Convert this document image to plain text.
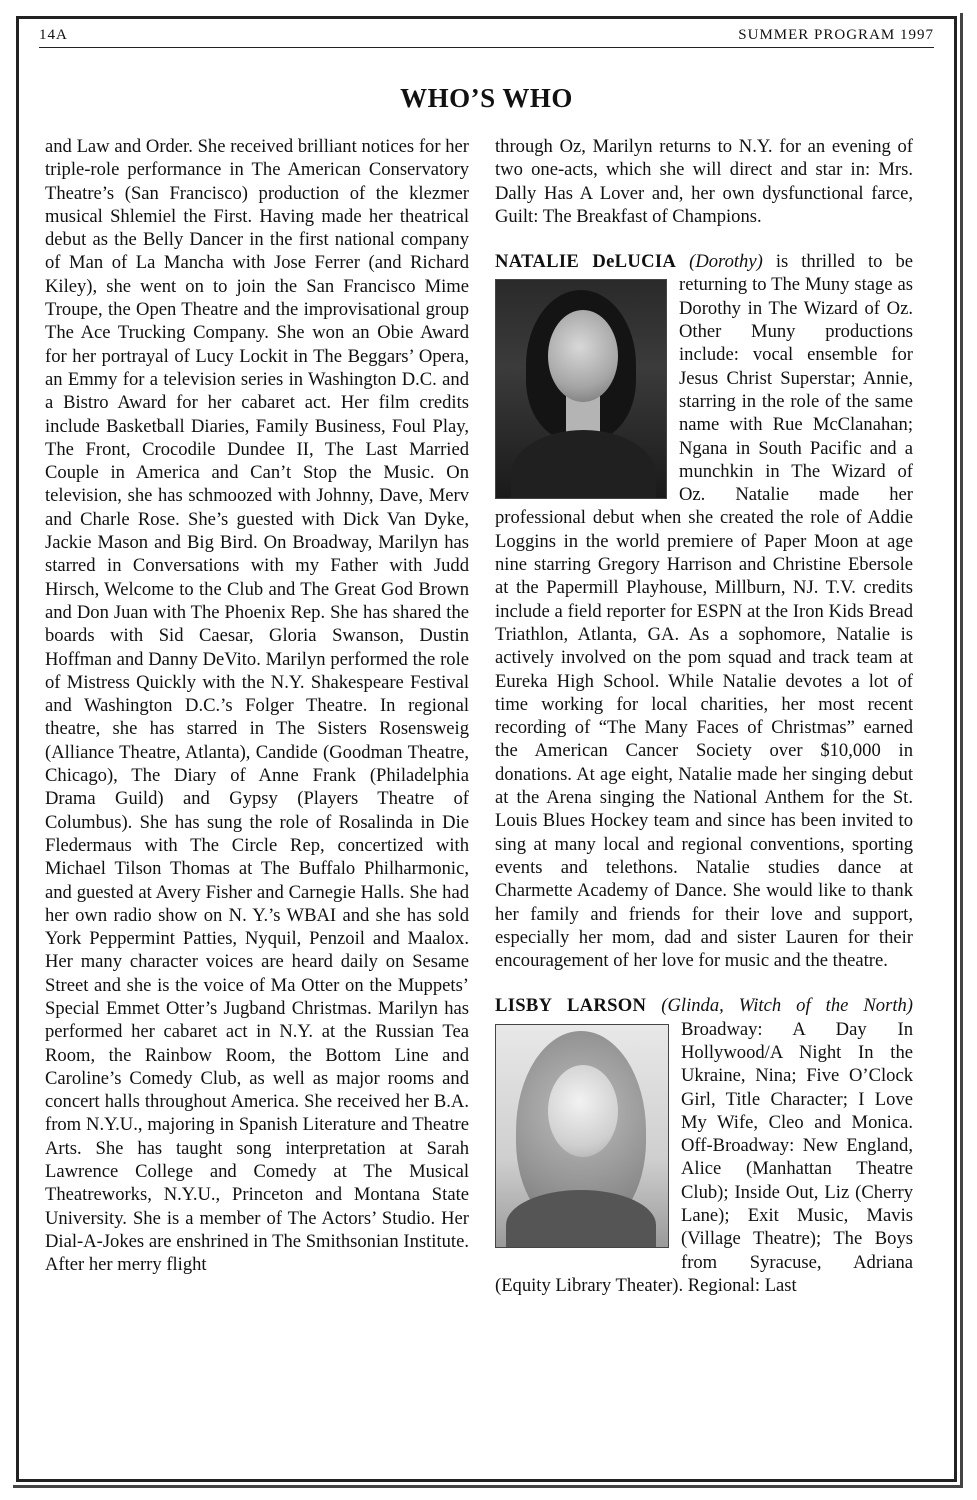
14A	SUMMER PROGRAM 1997
WHO’S WHO

and Law and Order. She received brilliant notices for her triple-role performance in The American Conservatory Theatre’s (San Francisco) production of the klezmer musical Shlemiel the First. Having made her theatrical debut as the Belly Dancer in the first national company of Man of La Mancha with Jose Ferrer (and Richard Kiley), she went on to join the San Francisco Mime Troupe, the Open Theatre and the improvisational group The Ace Trucking Company. She won an Obie Award for her portrayal of Lucy Lockit in The Beggars’ Opera, an Emmy for a television series in Washington D.C. and a Bistro Award for her cabaret act. Her film credits include Basketball Diaries, Family Business, Foul Play, The Front, Crocodile Dundee II, The Last Married Couple in America and Can’t Stop the Music. On television, she has schmoozed with Johnny, Dave, Merv and Charle Rose. She’s guested with Dick Van Dyke, Jackie Mason and Big Bird. On Broadway, Marilyn has starred in Conversations with my Father with Judd Hirsch, Welcome to the Club and The Great God Brown and Don Juan with The Phoenix Rep. She has shared the boards with Sid Caesar, Gloria Swanson, Dustin Hoffman and Danny DeVito. Marilyn performed the role of Mistress Quickly with the N.Y. Shakespeare Festival and Washington D.C.’s Folger Theatre. In regional theatre, she has starred in The Sisters Rosensweig (Alliance Theatre, Atlanta), Candide (Goodman Theatre, Chicago), The Diary of Anne Frank (Philadelphia Drama Guild) and Gypsy (Players Theatre of Columbus). She has sung the role of Rosalinda in Die Fledermaus with The Circle Rep, concertized with Michael Tilson Thomas at The Buffalo Philharmonic, and guested at Avery Fisher and Carnegie Halls. She had her own radio show on N. Y.’s WBAI and she has sold York Peppermint Patties, Nyquil, Penzoil and Maalox. Her many character voices are heard daily on Sesame Street and she is the voice of Ma Otter on the Muppets’ Special Emmet Otter’s Jugband Christmas. Marilyn has performed her cabaret act in N.Y. at the Russian Tea Room, the Rainbow Room, the Bottom Line and Caroline’s Comedy Club, as well as major rooms and concert halls throughout America. She received her B.A. from N.Y.U., majoring in Spanish Literature and Theatre Arts. She has taught song interpretation at Sarah Lawrence College and Comedy at The Musical Theatreworks, N.Y.U., Princeton and Montana State University. She is a member of The Actors’ Studio. Her Dial-A-Jokes are enshrined in The Smithsonian Institute. After her merry flight

through Oz, Marilyn returns to N.Y. for an evening of two one-acts, which she will direct and star in: Mrs. Dally Has A Lover and, her own dysfunctional farce, Guilt: The Breakfast of Champions.

NATALIE DeLUCIA (Dorothy) is thrilled to be returning to The Muny stage as Dorothy in The Wizard of Oz. Other Muny productions include: vocal ensemble for Jesus Christ Superstar; Annie, starring in the role of the same name with Rue McClanahan; Ngana in South Pacific and a munchkin in The Wizard of Oz. Natalie made her professional debut when she created the role of Addie Loggins in the world premiere of Paper Moon at age nine starring Gregory Harrison and Christine Ebersole at the Papermill Playhouse, Millburn, NJ. T.V. credits include a field reporter for ESPN at the Iron Kids Bread Triathlon, Atlanta, GA. As a sophomore, Natalie is actively involved on the pom squad and track team at Eureka High School. While Natalie devotes a lot of time working for local charities, her most recent recording of “The Many Faces of Christmas” earned the American Cancer Society over $10,000 in donations. At age eight, Natalie made her singing debut at the Arena singing the National Anthem for the St. Louis Blues Hockey team and since has been invited to sing at many local and regional conventions, sporting events and telethons. Natalie studies dance at Charmette Academy of Dance. She would like to thank her family and friends for their love and support, especially her mom, dad and sister Lauren for their encouragement of her love for music and the theatre.

LISBY LARSON (Glinda, Witch of the North)
Broadway: A Day In Hollywood/A Night In the Ukraine, Nina; Five O’Clock Girl, Title Character; I Love My Wife, Cleo and Monica. Off-Broadway: New England, Alice (Manhattan Theatre Club); Inside Out, Liz (Cherry Lane); Exit Music, Mavis (Village Theatre); The Boys from Syracuse, Adriana (Equity Library Theater). Regional: Last
